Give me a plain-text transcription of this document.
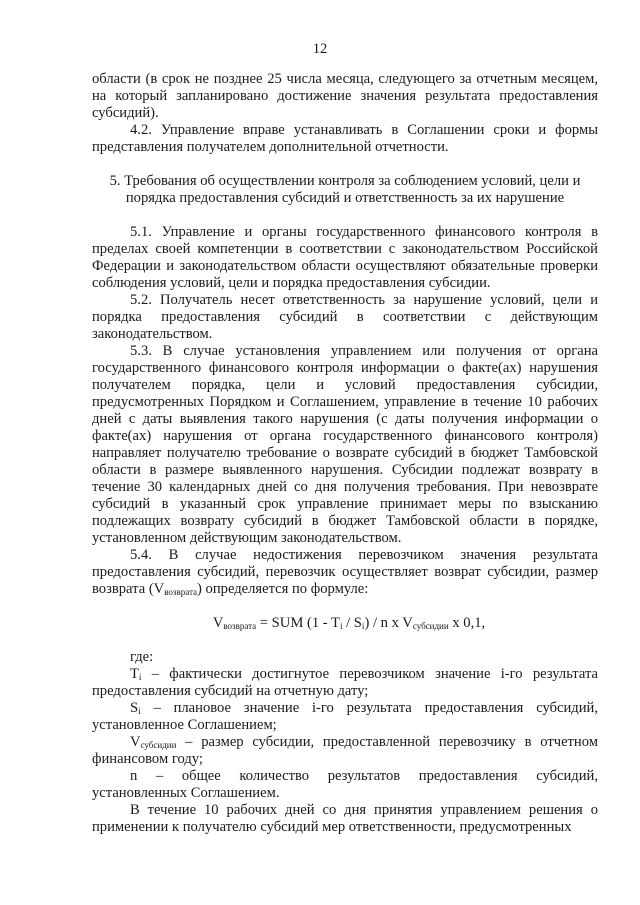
12

области (в срок не позднее 25 числа месяца, следующего за отчетным месяцем, на который запланировано достижение значения результата предоставления субсидий).

4.2. Управление вправе устанавливать в Соглашении сроки и формы представления получателем дополнительной отчетности.

5. Требования об осуществлении контроля за соблюдением условий, цели и порядка предоставления субсидий и ответственность за их нарушение

5.1. Управление и органы государственного финансового контроля в пределах своей компетенции в соответствии с законодательством Российской Федерации и законодательством области осуществляют обязательные проверки соблюдения условий, цели и порядка предоставления субсидии.

5.2. Получатель несет ответственность за нарушение условий, цели и порядка предоставления субсидий в соответствии с действующим законодательством.

5.3. В случае установления управлением или получения от органа государственного финансового контроля информации о факте(ах) нарушения получателем порядка, цели и условий предоставления субсидии, предусмотренных Порядком и Соглашением, управление в течение 10 рабочих дней с даты выявления такого нарушения (с даты получения информации о факте(ах) нарушения от органа государственного финансового контроля) направляет получателю требование о возврате субсидий в бюджет Тамбовской области в размере выявленного нарушения. Субсидии подлежат возврату в течение 30 календарных дней со дня получения требования. При невозврате субсидий в указанный срок управление принимает меры по взысканию подлежащих возврату субсидий в бюджет Тамбовской области в порядке, установленном действующим законодательством.

5.4. В случае недостижения перевозчиком значения результата предоставления субсидий, перевозчик осуществляет возврат субсидии, размер возврата $(V_{возврата})$ определяется по формуле:

$V_{возврата}$ = SUM $(1 - T_i / S_i)$ / n x $V_{субсидии}$ x 0,1,

где:

$T_i$ – фактически достигнутое перевозчиком значение i-го результата предоставления субсидий на отчетную дату;

$S_i$ – плановое значение i-го результата предоставления субсидий, установленное Соглашением;

$V_{субсидии}$ – размер субсидии, предоставленной перевозчику в отчетном финансовом году;

n – общее количество результатов предоставления субсидий, установленных Соглашением.

В течение 10 рабочих дней со дня принятия управлением решения о применении к получателю субсидий мер ответственности, предусмотренных
